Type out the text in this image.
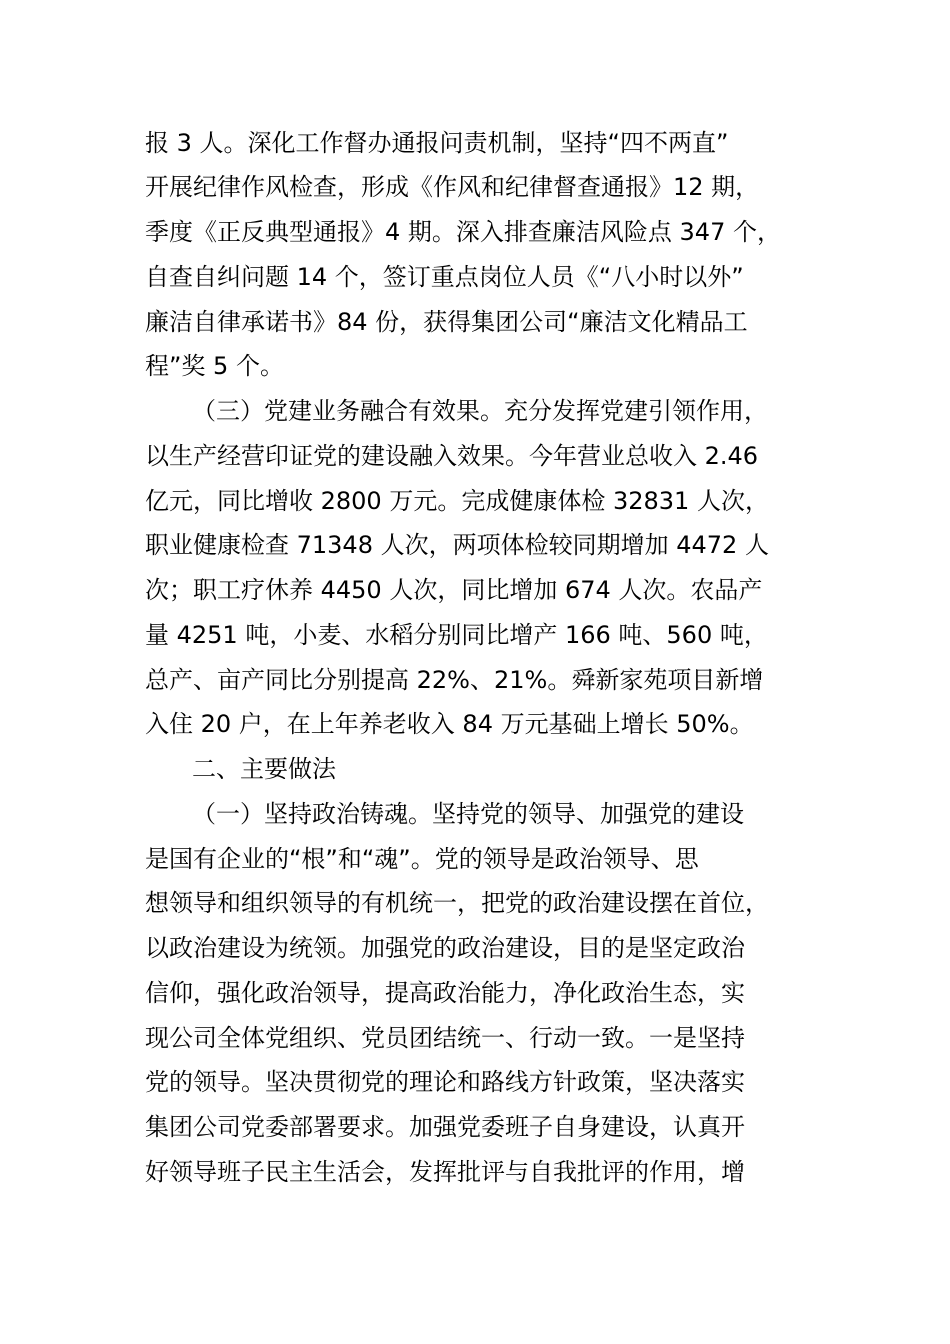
报 3 人。深化工作督办通报问责机制，坚持“四不两直”
开展纪律作风检查，形成《作风和纪律督查通报》12 期，
季度《正反典型通报》4 期。深入排查廉洁风险点 347 个，
自查自纠问题 14 个，签订重点岗位人员《“八小时以外”
廉洁自律承诺书》84 份，获得集团公司“廉洁文化精品工
程”奖 5 个。
（三）党建业务融合有效果。充分发挥党建引领作用，
以生产经营印证党的建设融入效果。今年营业总收入 2.46
亿元，同比增收 2800 万元。完成健康体检 32831 人次，
职业健康检查 71348 人次，两项体检较同期增加 4472 人
次；职工疗休养 4450 人次，同比增加 674 人次。农品产
量 4251 吨，小麦、水稻分别同比增产 166 吨、560 吨，
总产、亩产同比分别提高 22%、21%。舜新家苑项目新增
入住 20 户，在上年养老收入 84 万元基础上增长 50%。
二、主要做法
（一）坚持政治铸魂。坚持党的领导、加强党的建设
是国有企业的“根”和“魂”。党的领导是政治领导、思
想领导和组织领导的有机统一，把党的政治建设摆在首位，
以政治建设为统领。加强党的政治建设，目的是坚定政治
信仰，强化政治领导，提高政治能力，净化政治生态，实
现公司全体党组织、党员团结统一、行动一致。一是坚持
党的领导。坚决贯彻党的理论和路线方针政策，坚决落实
集团公司党委部署要求。加强党委班子自身建设，认真开
好领导班子民主生活会，发挥批评与自我批评的作用，增
